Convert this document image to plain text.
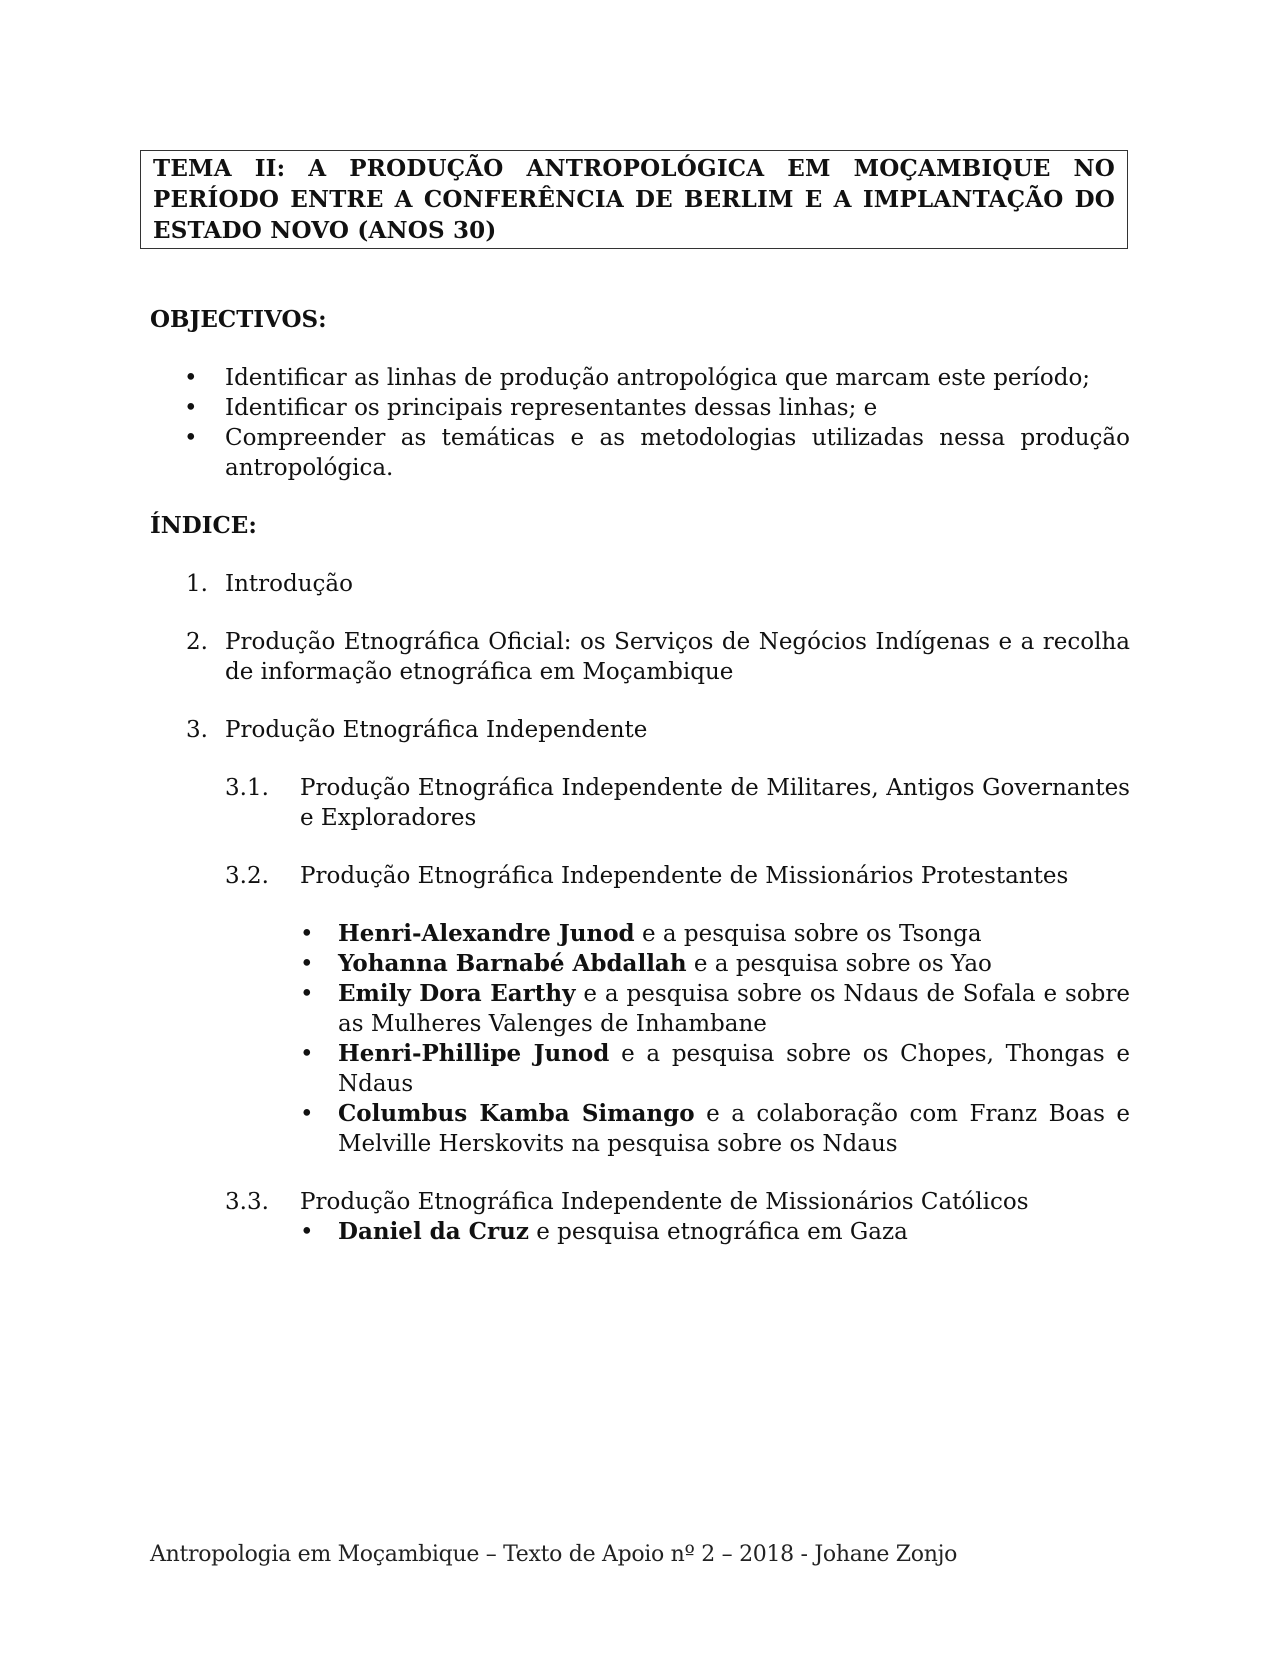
TEMA II: A PRODUÇÃO ANTROPOLÓGICA EM MOÇAMBIQUE NO PERÍODO ENTRE A CONFERÊNCIA DE BERLIM E A IMPLANTAÇÃO DO ESTADO NOVO (ANOS 30)
OBJECTIVOS:
• Identificar as linhas de produção antropológica que marcam este período;
• Identificar os principais representantes dessas linhas; e
• Compreender as temáticas e as metodologias utilizadas nessa produção antropológica.
ÍNDICE:
1. Introdução
2. Produção Etnográfica Oficial: os Serviços de Negócios Indígenas e a recolha de informação etnográfica em Moçambique
3. Produção Etnográfica Independente
3.1. Produção Etnográfica Independente de Militares, Antigos Governantes e Exploradores
3.2. Produção Etnográfica Independente de Missionários Protestantes
• Henri-Alexandre Junod e a pesquisa sobre os Tsonga
• Yohanna Barnabé Abdallah e a pesquisa sobre os Yao
• Emily Dora Earthy e a pesquisa sobre os Ndaus de Sofala e sobre as Mulheres Valenges de Inhambane
• Henri-Phillipe Junod e a pesquisa sobre os Chopes, Thongas e Ndaus
• Columbus Kamba Simango e a colaboração com Franz Boas e Melville Herskovits na pesquisa sobre os Ndaus
3.3. Produção Etnográfica Independente de Missionários Católicos
• Daniel da Cruz e pesquisa etnográfica em Gaza
Antropologia em Moçambique – Texto de Apoio nº 2 – 2018 - Johane Zonjo
